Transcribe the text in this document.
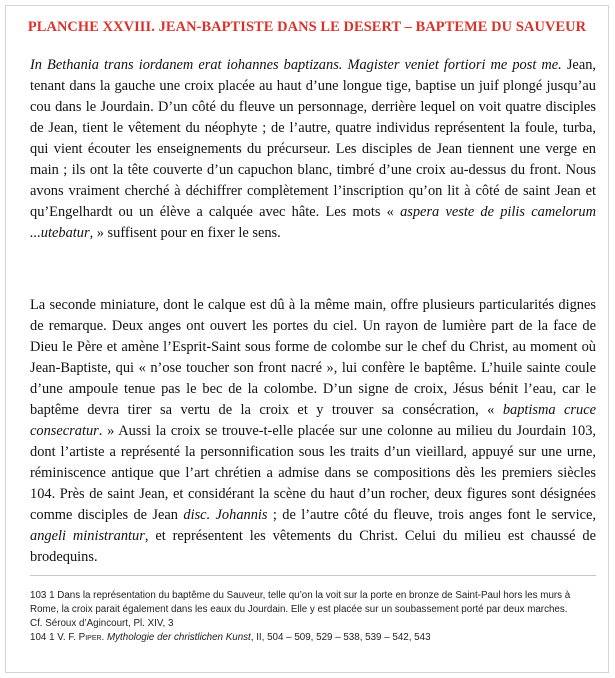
PLANCHE XXVIII. JEAN-BAPTISTE DANS LE DESERT – BAPTEME DU SAUVEUR
In Bethania trans iordanem erat iohannes baptizans. Magister veniet fortiori me post me. Jean, tenant dans la gauche une croix placée au haut d’une longue tige, baptise un juif plongé jusqu’au cou dans le Jourdain. D’un côté du fleuve un personnage, derrière lequel on voit quatre disciples de Jean, tient le vêtement du néophyte ; de l’autre, quatre individus représentent la foule, turba, qui vient écouter les enseignements du précurseur. Les disciples de Jean tiennent une verge en main ; ils ont la tête couverte d’un capuchon blanc, timbré d’une croix au-dessus du front. Nous avons vraiment cherché à déchiffrer complètement l’inscription qu’on lit à côté de saint Jean et qu’Engelhardt ou un élève a calquée avec hâte. Les mots « aspera veste de pilis camelorum ...utebatur, » suffisent pour en fixer le sens.
La seconde miniature, dont le calque est dû à la même main, offre plusieurs particularités dignes de remarque. Deux anges ont ouvert les portes du ciel. Un rayon de lumière part de la face de Dieu le Père et amène l’Esprit-Saint sous forme de colombe sur le chef du Christ, au moment où Jean-Baptiste, qui « n’ose toucher son front nacré », lui confère le baptême. L’huile sainte coule d’une ampoule tenue pas le bec de la colombe. D’un signe de croix, Jésus bénit l’eau, car le baptême devra tirer sa vertu de la croix et y trouver sa consécration, « baptisma cruce consecratur. » Aussi la croix se trouve-t-elle placée sur une colonne au milieu du Jourdain 103, dont l’artiste a représenté la personnification sous les traits d’un vieillard, appuyé sur une urne, réminiscence antique que l’art chrétien a admise dans se compositions dès les premiers siècles 104. Près de saint Jean, et considérant la scène du haut d’un rocher, deux figures sont désignées comme disciples de Jean disc. Johannis ; de l’autre côté du fleuve, trois anges font le service, angeli ministrantur, et représentent les vêtements du Christ. Celui du milieu est chaussé de brodequins.

103 1 Dans la représentation du baptême du Sauveur, telle qu’on la voit sur la porte en bronze de Saint-Paul hors les murs à Rome, la croix parait également dans les eaux du Jourdain. Elle y est placée sur un soubassement porté par deux marches.

Cf. Séroux d’Agincourt, Pl. XIV, 3

104 1 V. F. Piper. Mythologie der christlichen Kunst, II, 504 – 509, 529 – 538, 539 – 542, 543
